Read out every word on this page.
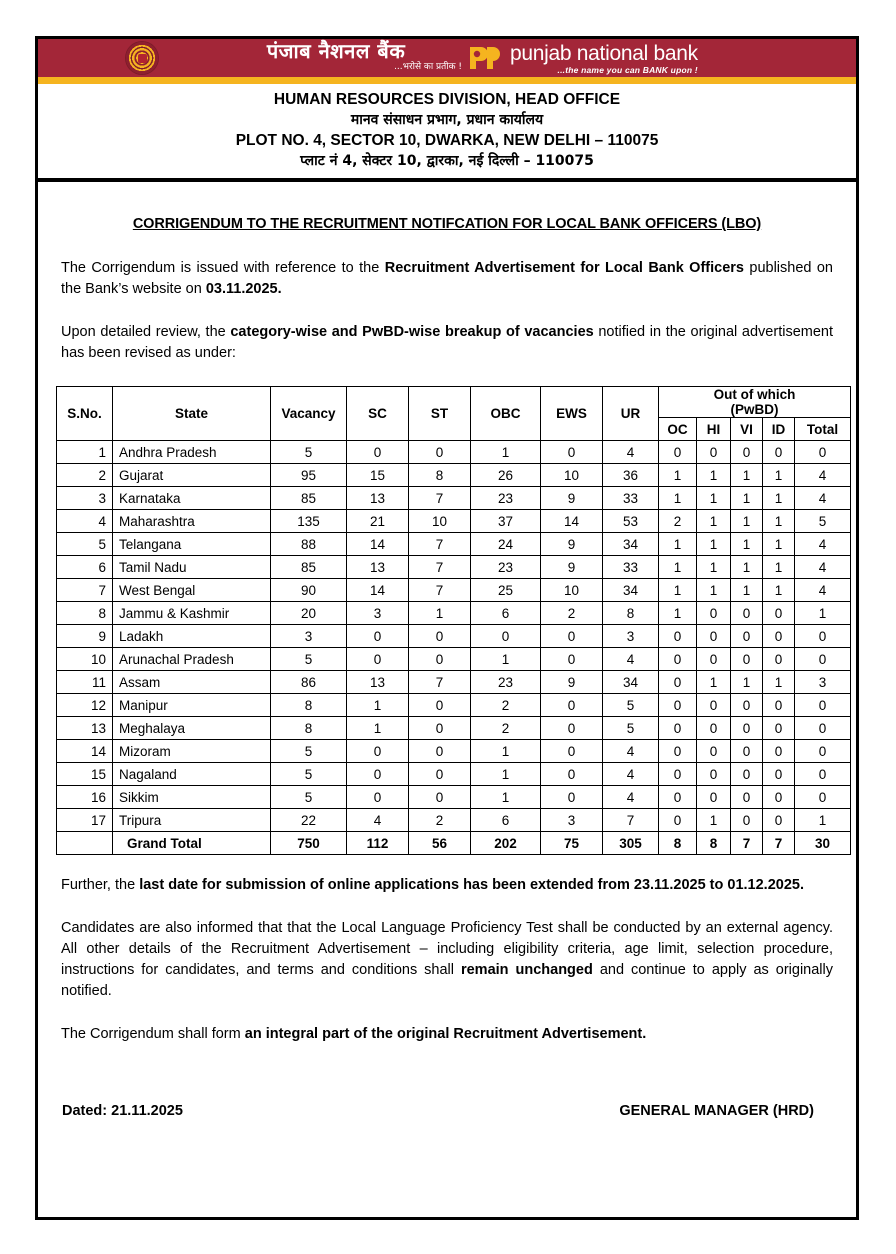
पंजाब नैशनल बैंक
...भरोसे का प्रतीक !
punjab national bank
...the name you can BANK upon !
HUMAN RESOURCES DIVISION, HEAD OFFICE
मानव संसाधन प्रभाग, प्रधान कार्यालय
PLOT NO. 4, SECTOR 10, DWARKA, NEW DELHI – 110075
प्लाट नं 4, सेक्टर 10, द्वारका, नई दिल्ली – 110075
CORRIGENDUM TO THE RECRUITMENT NOTIFCATION FOR LOCAL BANK OFFICERS (LBO)

The Corrigendum is issued with reference to the Recruitment Advertisement for Local Bank Officers published on the Bank’s website on 03.11.2025.

Upon detailed review, the category-wise and PwBD-wise breakup of vacancies notified in the original advertisement has been revised as under:

S.No.	State	Vacancy	SC	ST	OBC	EWS	UR	Out of which
(PwBD)				

								OC	HI	VI	ID	Total
1	Andhra Pradesh	5	0	0	1	0	4	0	0	0	0	0
2	Gujarat	95	15	8	26	10	36	1	1	1	1	4
3	Karnataka	85	13	7	23	9	33	1	1	1	1	4
4	Maharashtra	135	21	10	37	14	53	2	1	1	1	5
5	Telangana	88	14	7	24	9	34	1	1	1	1	4
6	Tamil Nadu	85	13	7	23	9	33	1	1	1	1	4
7	West Bengal	90	14	7	25	10	34	1	1	1	1	4
8	Jammu & Kashmir	20	3	1	6	2	8	1	0	0	0	1
9	Ladakh	3	0	0	0	0	3	0	0	0	0	0
10	Arunachal Pradesh	5	0	0	1	0	4	0	0	0	0	0
11	Assam	86	13	7	23	9	34	0	1	1	1	3
12	Manipur	8	1	0	2	0	5	0	0	0	0	0
13	Meghalaya	8	1	0	2	0	5	0	0	0	0	0
14	Mizoram	5	0	0	1	0	4	0	0	0	0	0
15	Nagaland	5	0	0	1	0	4	0	0	0	0	0
16	Sikkim	5	0	0	1	0	4	0	0	0	0	0
17	Tripura	22	4	2	6	3	7	0	1	0	0	1
	Grand Total	750	112	56	202	75	305	8	8	7	7	30

Further, the last date for submission of online applications has been extended from 23.11.2025 to 01.12.2025.

Candidates are also informed that that the Local Language Proficiency Test shall be conducted by an external agency. All other details of the Recruitment Advertisement – including eligibility criteria, age limit, selection procedure, instructions for candidates, and terms and conditions shall remain unchanged and continue to apply as originally notified.

The Corrigendum shall form an integral part of the original Recruitment Advertisement.

Dated: 21.11.2025	GENERAL MANAGER (HRD)
